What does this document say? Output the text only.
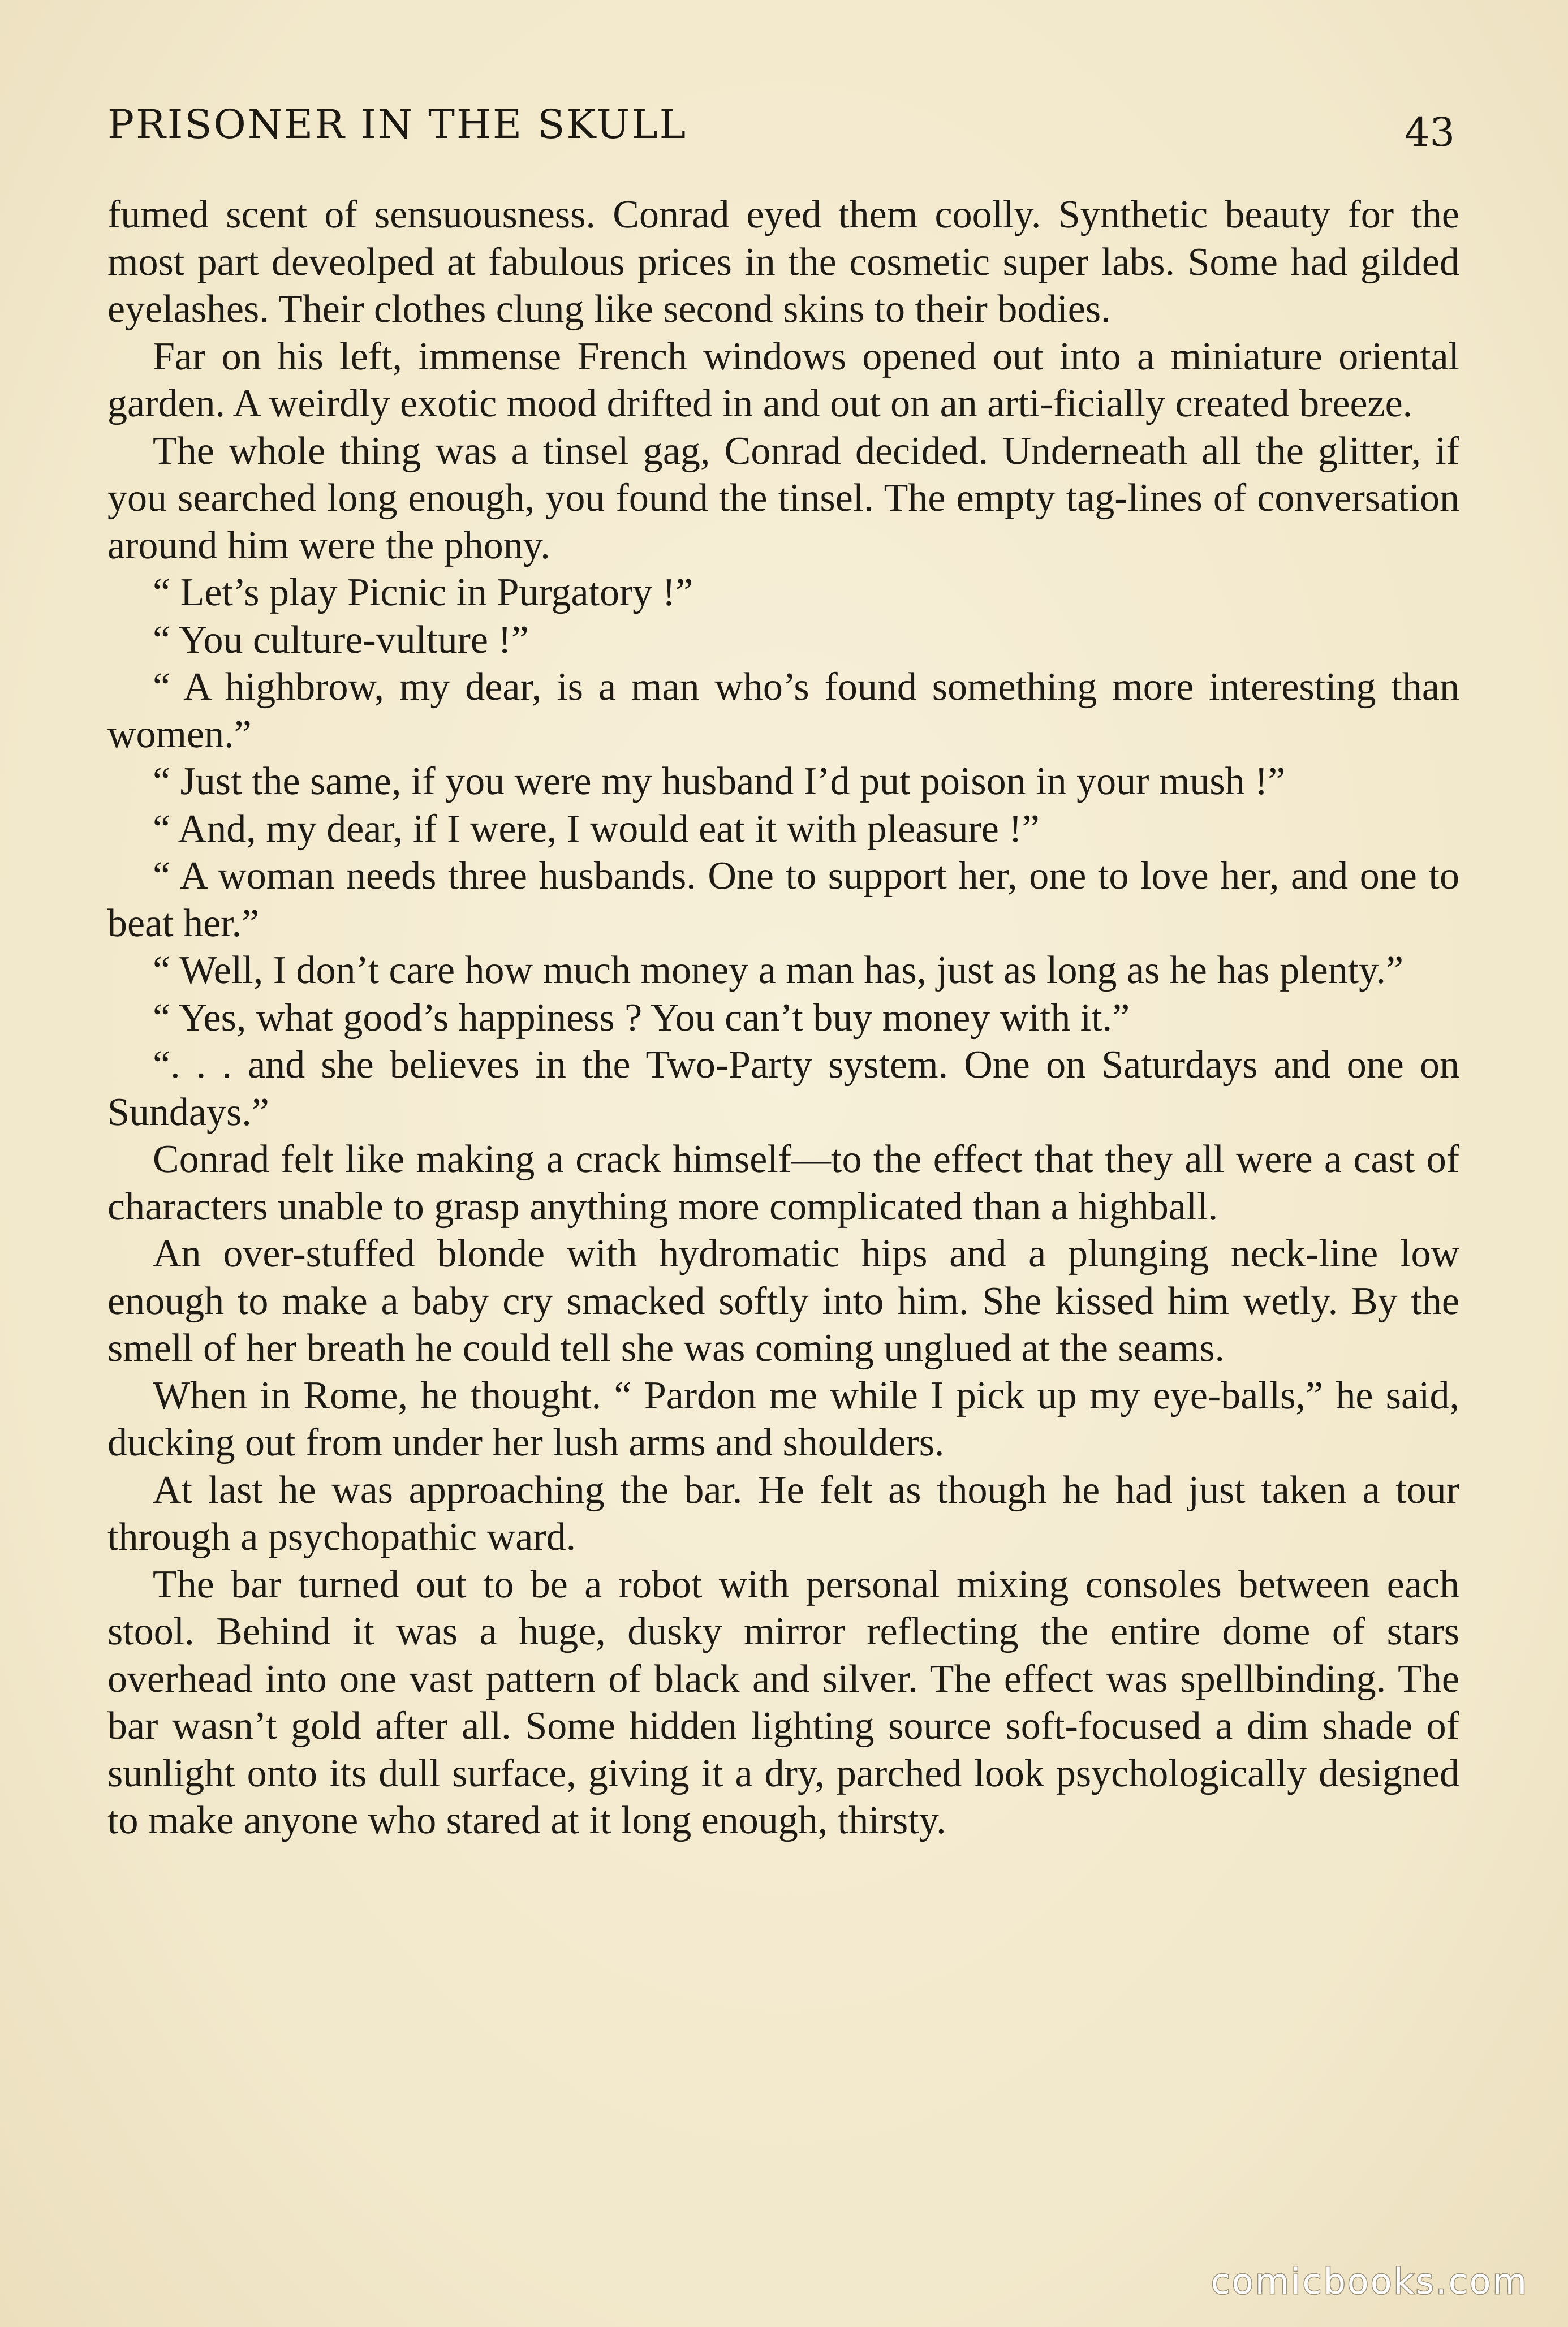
PRISONER IN THE SKULL	43

fumed scent of sensuousness. Conrad eyed them coolly. Synthetic beauty for the most part deveolped at fabulous prices in the cosmetic super labs. Some had gilded eyelashes. Their clothes clung like second skins to their bodies.

Far on his left, immense French windows opened out into a miniature oriental garden. A weirdly exotic mood drifted in and out on an arti-ficially created breeze.

The whole thing was a tinsel gag, Conrad decided. Underneath all the glitter, if you searched long enough, you found the tinsel. The empty tag-lines of conversation around him were the phony.

“ Let’s play Picnic in Purgatory !”

“ You culture-vulture !”

“ A highbrow, my dear, is a man who’s found something more interesting than women.”

“ Just the same, if you were my husband I’d put poison in your mush !”

“ And, my dear, if I were, I would eat it with pleasure !”

“ A woman needs three husbands. One to support her, one to love her, and one to beat her.”

“ Well, I don’t care how much money a man has, just as long as he has plenty.”

“ Yes, what good’s happiness ? You can’t buy money with it.”

“. . . and she believes in the Two-Party system. One on Saturdays and one on Sundays.”

Conrad felt like making a crack himself—to the effect that they all were a cast of characters unable to grasp anything more complicated than a highball.

An over-stuffed blonde with hydromatic hips and a plunging neck-line low enough to make a baby cry smacked softly into him. She kissed him wetly. By the smell of her breath he could tell she was coming unglued at the seams.

When in Rome, he thought. “ Pardon me while I pick up my eye-balls,” he said, ducking out from under her lush arms and shoulders.

At last he was approaching the bar. He felt as though he had just taken a tour through a psychopathic ward.

The bar turned out to be a robot with personal mixing consoles between each stool. Behind it was a huge, dusky mirror reflecting the entire dome of stars overhead into one vast pattern of black and silver. The effect was spellbinding. The bar wasn’t gold after all. Some hidden lighting source soft-focused a dim shade of sunlight onto its dull surface, giving it a dry, parched look psychologically designed to make anyone who stared at it long enough, thirsty.

comicbooks.com
